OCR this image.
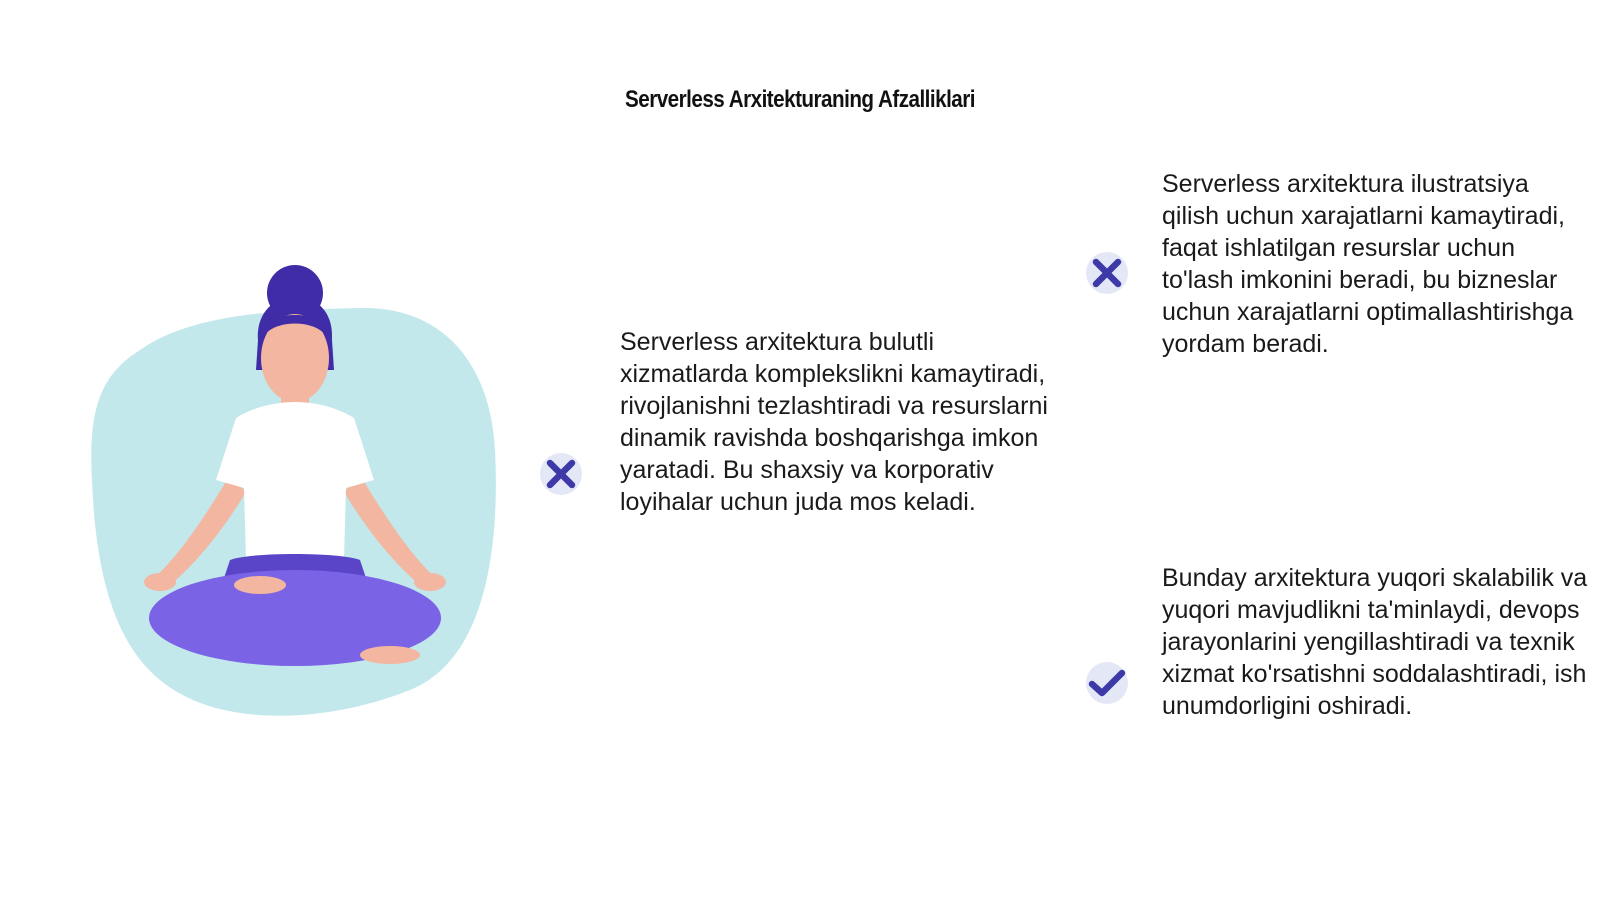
Serverless Arxitekturaning Afzalliklari

Serverless arxitektura bulutli xizmatlarda komplekslikni kamaytiradi, rivojlanishni tezlashtiradi va resurslarni dinamik ravishda boshqarishga imkon yaratadi. Bu shaxsiy va korporativ loyihalar uchun juda mos keladi.

Serverless arxitektura ilustratsiya qilish uchun xarajatlarni kamaytiradi, faqat ishlatilgan resurslar uchun to'lash imkonini beradi, bu bizneslar uchun xarajatlarni optimallashtirishga yordam beradi.

Bunday arxitektura yuqori skalabilik va yuqori mavjudlikni ta'minlaydi, devops jarayonlarini yengillashtiradi va texnik xizmat ko'rsatishni soddalashtiradi, ish unumdorligini oshiradi.
